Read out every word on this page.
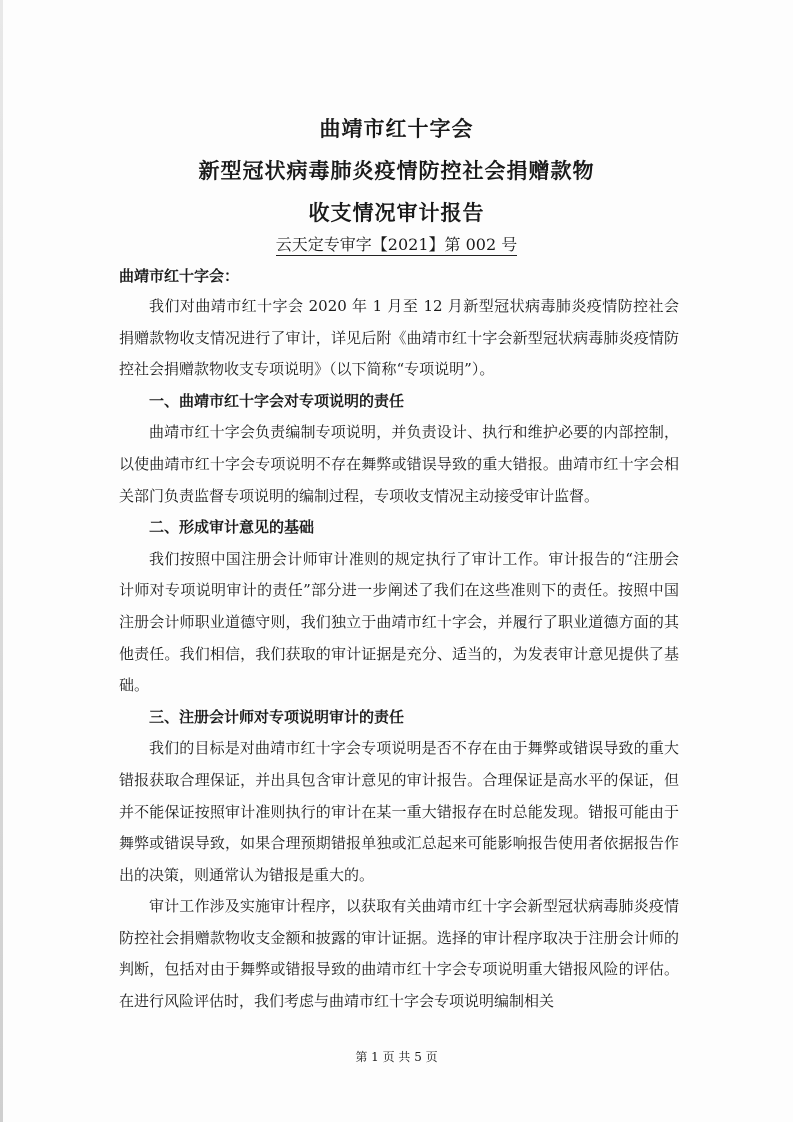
曲靖市红十字会
新型冠状病毒肺炎疫情防控社会捐赠款物
收支情况审计报告
云天定专审字【2021】第 002 号
曲靖市红十字会：

我们对曲靖市红十字会 2020 年 1 月至 12 月新型冠状病毒肺炎疫情防控社会捐赠款物收支情况进行了审计，详见后附《曲靖市红十字会新型冠状病毒肺炎疫情防控社会捐赠款物收支专项说明》（以下简称“专项说明”）。

一、曲靖市红十字会对专项说明的责任

曲靖市红十字会负责编制专项说明，并负责设计、执行和维护必要的内部控制，以使曲靖市红十字会专项说明不存在舞弊或错误导致的重大错报。曲靖市红十字会相关部门负责监督专项说明的编制过程，专项收支情况主动接受审计监督。

二、形成审计意见的基础

我们按照中国注册会计师审计准则的规定执行了审计工作。审计报告的“注册会计师对专项说明审计的责任”部分进一步阐述了我们在这些准则下的责任。按照中国注册会计师职业道德守则，我们独立于曲靖市红十字会，并履行了职业道德方面的其他责任。我们相信，我们获取的审计证据是充分、适当的，为发表审计意见提供了基础。

三、注册会计师对专项说明审计的责任

我们的目标是对曲靖市红十字会专项说明是否不存在由于舞弊或错误导致的重大错报获取合理保证，并出具包含审计意见的审计报告。合理保证是高水平的保证，但并不能保证按照审计准则执行的审计在某一重大错报存在时总能发现。错报可能由于舞弊或错误导致，如果合理预期错报单独或汇总起来可能影响报告使用者依据报告作出的决策，则通常认为错报是重大的。

审计工作涉及实施审计程序，以获取有关曲靖市红十字会新型冠状病毒肺炎疫情防控社会捐赠款物收支金额和披露的审计证据。选择的审计程序取决于注册会计师的判断，包括对由于舞弊或错报导致的曲靖市红十字会专项说明重大错报风险的评估。在进行风险评估时，我们考虑与曲靖市红十字会专项说明编制相关

第 1 页 共 5 页
